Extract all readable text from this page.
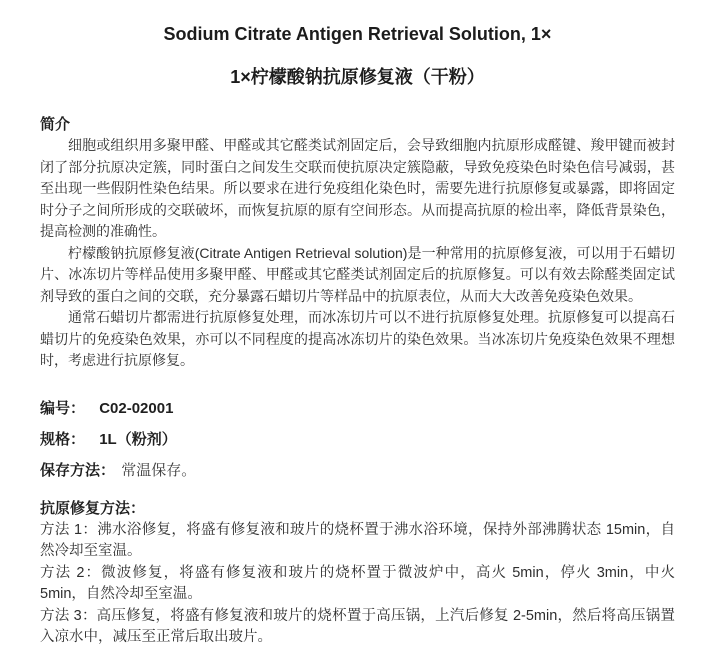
Sodium Citrate Antigen Retrieval Solution, 1×
1×柠檬酸钠抗原修复液（干粉）
简介

细胞或组织用多聚甲醛、甲醛或其它醛类试剂固定后，会导致细胞内抗原形成醛键、羧甲键而被封闭了部分抗原决定簇，同时蛋白之间发生交联而使抗原决定簇隐蔽，导致免疫染色时染色信号减弱，甚至出现一些假阴性染色结果。所以要求在进行免疫组化染色时，需要先进行抗原修复或暴露，即将固定时分子之间所形成的交联破坏，而恢复抗原的原有空间形态。从而提高抗原的检出率，降低背景染色，提高检测的准确性。

柠檬酸钠抗原修复液(Citrate Antigen Retrieval solution)是一种常用的抗原修复液，可以用于石蜡切片、冰冻切片等样品使用多聚甲醛、甲醛或其它醛类试剂固定后的抗原修复。可以有效去除醛类固定试剂导致的蛋白之间的交联，充分暴露石蜡切片等样品中的抗原表位，从而大大改善免疫染色效果。

通常石蜡切片都需进行抗原修复处理，而冰冻切片可以不进行抗原修复处理。抗原修复可以提高石蜡切片的免疫染色效果，亦可以不同程度的提高冰冻切片的染色效果。当冰冻切片免疫染色效果不理想时，考虑进行抗原修复。

编号： C02-02001
规格： 1L（粉剂）
保存方法： 常温保存。
抗原修复方法：

方法 1：沸水浴修复，将盛有修复液和玻片的烧杯置于沸水浴环境，保持外部沸腾状态 15min，自然冷却至室温。

方法 2：微波修复，将盛有修复液和玻片的烧杯置于微波炉中，高火 5min，停火 3min，中火 5min，自然冷却至室温。

方法 3：高压修复，将盛有修复液和玻片的烧杯置于高压锅，上汽后修复 2-5min，然后将高压锅置入凉水中，减压至正常后取出玻片。
